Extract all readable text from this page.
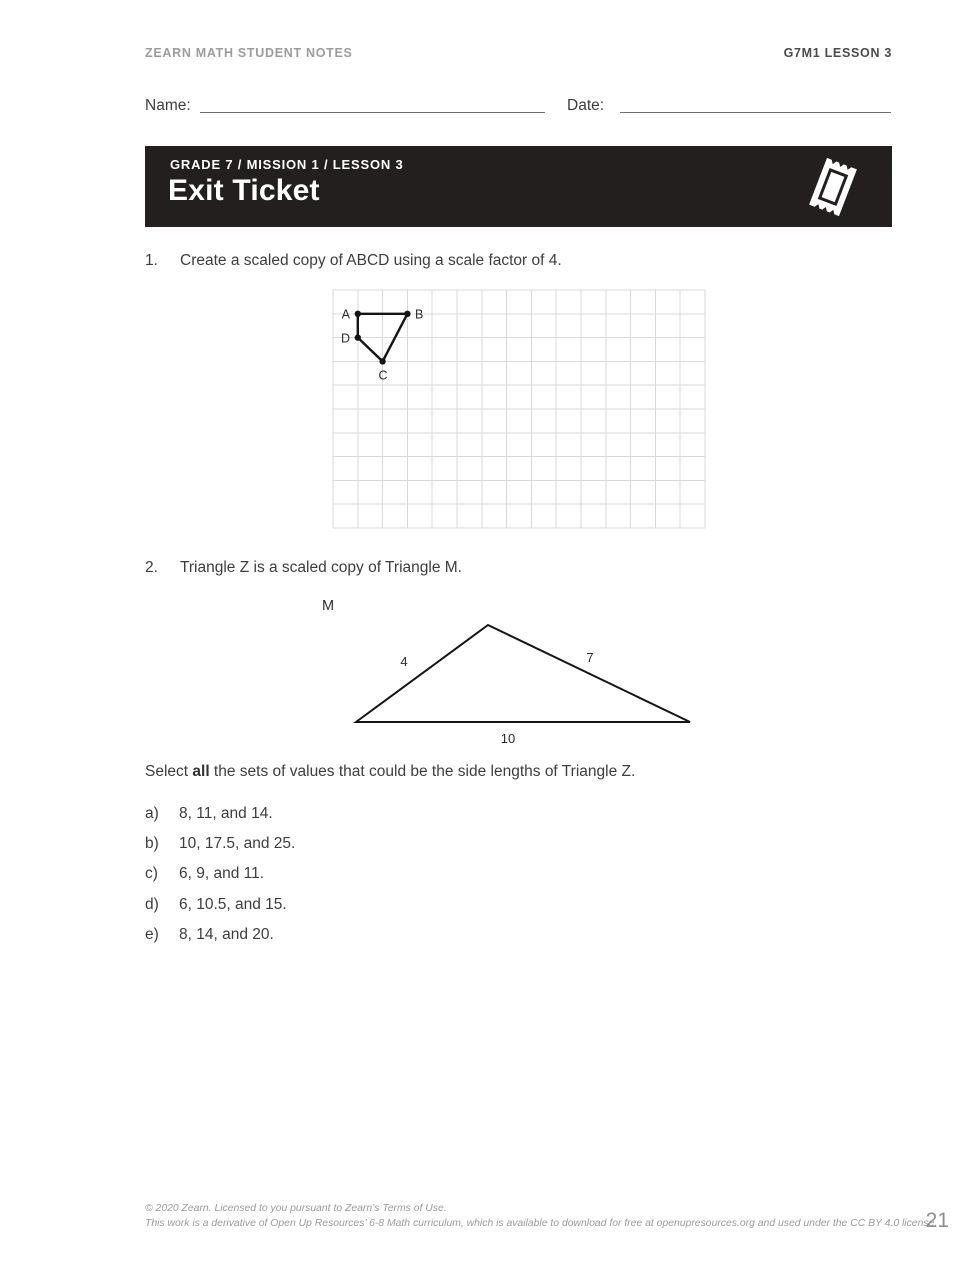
ZEARN MATH STUDENT NOTES	G7M1 LESSON 3
Name:	Date:
GRADE 7 / MISSION 1 / LESSON 3
Exit Ticket
1. Create a scaled copy of ABCD using a scale factor of 4.
A	B
C
D
2. Triangle Z is a scaled copy of Triangle M.
M
4	7
10
Select all the sets of values that could be the side lengths of Triangle Z.
a) 8, 11, and 14.
b) 10, 17.5, and 25.
c) 6, 9, and 11.
d) 6, 10.5, and 15.
e) 8, 14, and 20.
© 2020 Zearn. Licensed to you pursuant to Zearn’s Terms of Use.
This work is a derivative of Open Up Resources’ 6-8 Math curriculum, which is available to download for free at openupresources.org and used under the CC BY 4.0 license.
21
